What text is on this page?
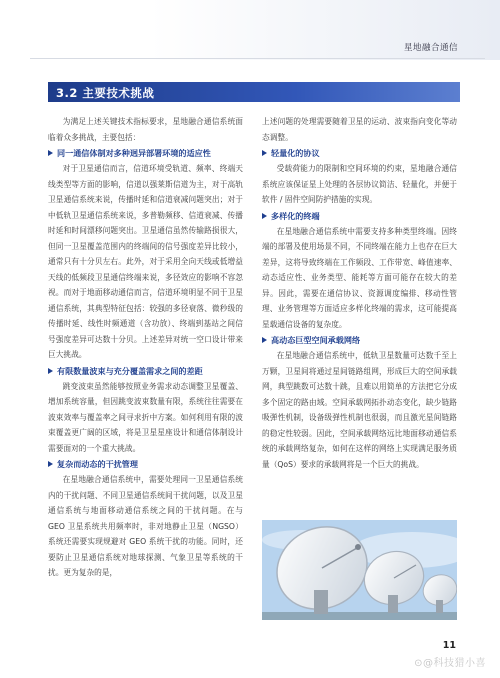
星地融合通信
3.2 主要技术挑战

为满足上述关键技术指标要求，星地融合通信系统面临着众多挑战，主要包括：

同一通信体制对多种迥异部署环境的适应性

对于卫星通信而言，信道环境受轨道、频率、终端天线类型等方面的影响，信道以强莱斯信道为主，对于高轨卫星通信系统来说，传播时延和信道衰减问题突出；对于中低轨卫星通信系统来说，多普勒频移、信道衰减、传播时延和时间漂移问题突出。卫星通信虽然传输路损很大，但同一卫星覆盖范围内的终端间的信号强度差异比较小，通常只有十分贝左右。此外，对于采用全向天线或低增益天线的低频段卫星通信终端来说，多径效应的影响不容忽视。而对于地面移动通信而言，信道环境明显不同于卫星通信系统，其典型特征包括：较强的多径衰落、微秒级的传播时延、线性时频通道（含功放）、终端到基站之间信号强度差异可达数十分贝。上述差异对统一空口设计带来巨大挑战。

有限数量波束与充分覆盖需求之间的差距

跳变波束虽然能够按照业务需求动态调整卫星覆盖、增加系统容量，但因跳变波束数量有限，系统往往需要在波束效率与覆盖率之间寻求折中方案。如何利用有限的波束覆盖更广阔的区域，将是卫星星座设计和通信体制设计需要面对的一个重大挑战。

复杂而动态的干扰管理

在星地融合通信系统中，需要处理同一卫星通信系统内的干扰问题、不同卫星通信系统间干扰问题，以及卫星通信系统与地面移动通信系统之间的干扰问题。在与 GEO 卫星系统共用频率时，非对地静止卫星（NGSO）系统还需要实现规避对 GEO 系统干扰的功能。同时，还要防止卫星通信系统对地球探测、气象卫星等系统的干扰。更为复杂的是，

上述问题的处理需要随着卫星的运动、波束指向变化等动态调整。

轻量化的协议

受载荷能力的限制和空间环境的约束，星地融合通信系统应该保证星上处理的各层协议简洁、轻量化，并便于软件 / 固件空间防护措施的实现。

多样化的终端

在星地融合通信系统中需要支持多种类型终端。因终端的部署及使用场景不同，不同终端在能力上也存在巨大差异，这将导致终端在工作频段、工作带宽、峰值速率、动态适应性、业务类型、能耗等方面可能存在较大的差异。因此，需要在通信协议、资源调度编排、移动性管理、业务管理等方面适应多样化终端的需求，这可能提高星载通信设备的复杂度。

高动态巨型空间承载网络

在星地融合通信系统中，低轨卫星数量可达数千至上万颗，卫星间将通过星间链路组网，形成巨大的空间承载网，典型跳数可达数十跳，且难以用简单的方法把它分成多个固定的路由域。空间承载网拓扑动态变化，缺少链路吸弹性机制，设备级弹性机制也很弱，而且激光星间链路的稳定性较弱。因此，空间承载网络远比地面移动通信系统的承载网络复杂，如何在这样的网络上实现满足服务质量（QoS）要求的承载网将是一个巨大的挑战。

11
⊙@科技猎小喜
